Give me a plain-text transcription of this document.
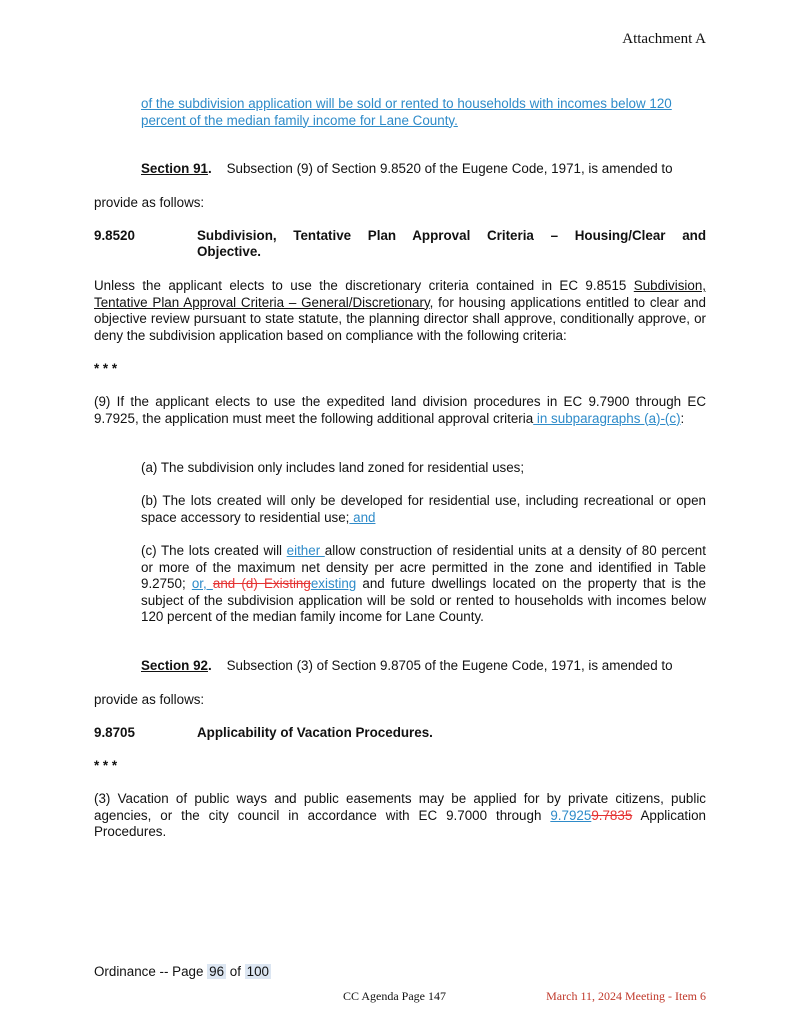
Attachment A
of the subdivision application will be sold or rented to households with incomes below 120
percent of the median family income for Lane County.
Section 91. Subsection (9) of Section 9.8520 of the Eugene Code, 1971, is amended to
provide as follows:
9.8520	Subdivision, Tentative Plan Approval Criteria – Housing/Clear and
Objective.
Unless the applicant elects to use the discretionary criteria contained in EC 9.8515 Subdivision, Tentative Plan Approval Criteria – General/Discretionary, for housing applications entitled to clear and objective review pursuant to state statute, the planning director shall approve, conditionally approve, or deny the subdivision application based on compliance with the following criteria:
* * *
(9) If the applicant elects to use the expedited land division procedures in EC 9.7900 through EC 9.7925, the application must meet the following additional approval criteria in subparagraphs (a)-(c):
(a) The subdivision only includes land zoned for residential uses;
(b) The lots created will only be developed for residential use, including recreational or open space accessory to residential use; and
(c) The lots created will either allow construction of residential units at a density of 80 percent or more of the maximum net density per acre permitted in the zone and identified in Table 9.2750; or, and (d) Existingexisting and future dwellings located on the property that is the subject of the subdivision application will be sold or rented to households with incomes below 120 percent of the median family income for Lane County.
Section 92. Subsection (3) of Section 9.8705 of the Eugene Code, 1971, is amended to
provide as follows:
9.8705	Applicability of Vacation Procedures.
* * *
(3) Vacation of public ways and public easements may be applied for by private citizens, public agencies, or the city council in accordance with EC 9.7000 through 9.79259.7835 Application Procedures.
Ordinance -- Page 96 of 100
CC Agenda Page 147	March 11, 2024 Meeting - Item 6
